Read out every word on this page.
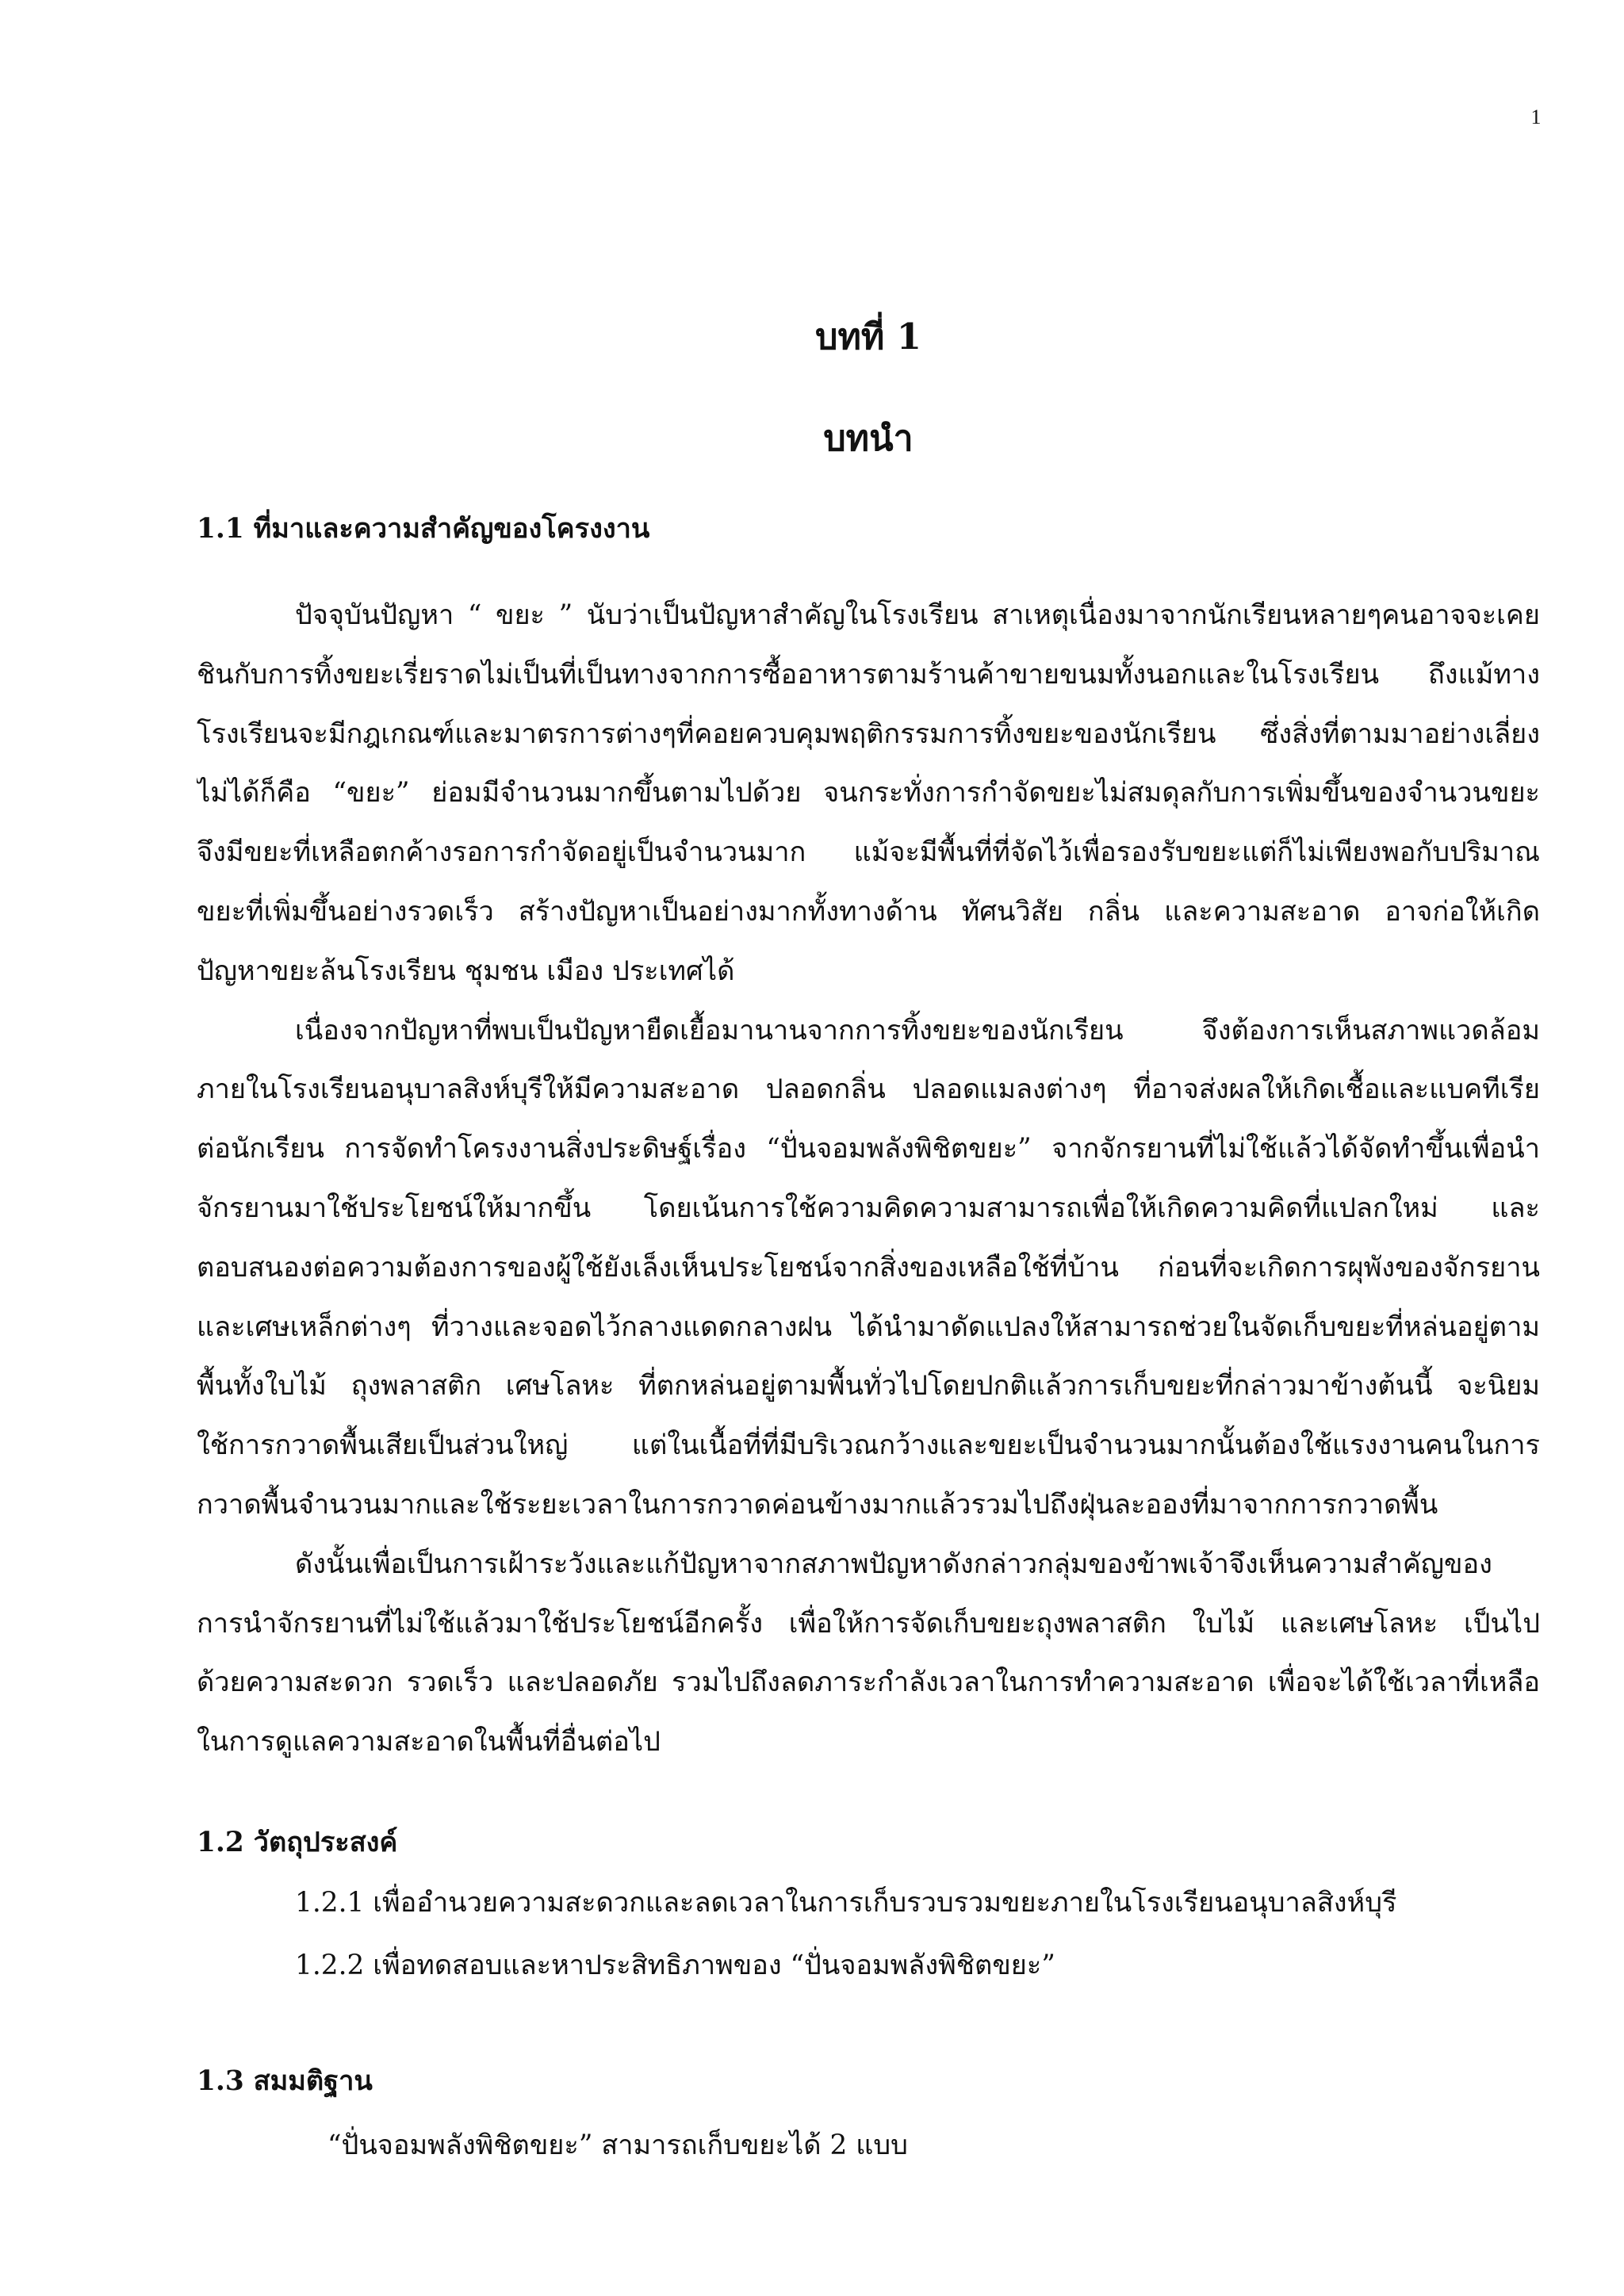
1
บทที่ 1
บทนำ
1.1 ที่มาและความสำคัญของโครงงาน
ปัจจุบันปัญหา “ ขยะ ” นับว่าเป็นปัญหาสำคัญในโรงเรียน สาเหตุเนื่องมาจากนักเรียนหลายๆคนอาจจะเคย
ชินกับการทิ้งขยะเรี่ยราดไม่เป็นที่เป็นทางจากการซื้ออาหารตามร้านค้าขายขนมทั้งนอกและในโรงเรียน ถึงแม้ทาง
โรงเรียนจะมีกฎเกณฑ์และมาตรการต่างๆที่คอยควบคุมพฤติกรรมการทิ้งขยะของนักเรียน ซึ่งสิ่งที่ตามมาอย่างเลี่ยง
ไม่ได้ก็คือ “ขยะ” ย่อมมีจำนวนมากขึ้นตามไปด้วย จนกระทั่งการกำจัดขยะไม่สมดุลกับการเพิ่มขึ้นของจำนวนขยะ
จึงมีขยะที่เหลือตกค้างรอการกำจัดอยู่เป็นจำนวนมาก แม้จะมีพื้นที่ที่จัดไว้เพื่อรองรับขยะแต่ก็ไม่เพียงพอกับปริมาณ
ขยะที่เพิ่มขึ้นอย่างรวดเร็ว สร้างปัญหาเป็นอย่างมากทั้งทางด้าน ทัศนวิสัย กลิ่น และความสะอาด อาจก่อให้เกิด
ปัญหาขยะล้นโรงเรียน ชุมชน เมือง ประเทศได้
เนื่องจากปัญหาที่พบเป็นปัญหายืดเยื้อมานานจากการทิ้งขยะของนักเรียน จึงต้องการเห็นสภาพแวดล้อม
ภายในโรงเรียนอนุบาลสิงห์บุรีให้มีความสะอาด ปลอดกลิ่น ปลอดแมลงต่างๆ ที่อาจส่งผลให้เกิดเชื้อและแบคทีเรีย
ต่อนักเรียน การจัดทำโครงงานสิ่งประดิษฐ์เรื่อง “ปั่นจอมพลังพิชิตขยะ” จากจักรยานที่ไม่ใช้แล้วได้จัดทำขึ้นเพื่อนำ
จักรยานมาใช้ประโยชน์ให้มากขึ้น โดยเน้นการใช้ความคิดความสามารถเพื่อให้เกิดความคิดที่แปลกใหม่ และ
ตอบสนองต่อความต้องการของผู้ใช้ยังเล็งเห็นประโยชน์จากสิ่งของเหลือใช้ที่บ้าน ก่อนที่จะเกิดการผุพังของจักรยาน
และเศษเหล็กต่างๆ ที่วางและจอดไว้กลางแดดกลางฝน ได้นำมาดัดแปลงให้สามารถช่วยในจัดเก็บขยะที่หล่นอยู่ตาม
พื้นทั้งใบไม้ ถุงพลาสติก เศษโลหะ ที่ตกหล่นอยู่ตามพื้นทั่วไปโดยปกติแล้วการเก็บขยะที่กล่าวมาข้างต้นนี้ จะนิยม
ใช้การกวาดพื้นเสียเป็นส่วนใหญ่ แต่ในเนื้อที่ที่มีบริเวณกว้างและขยะเป็นจำนวนมากนั้นต้องใช้แรงงานคนในการ
กวาดพื้นจำนวนมากและใช้ระยะเวลาในการกวาดค่อนข้างมากแล้วรวมไปถึงฝุ่นละอองที่มาจากการกวาดพื้น
ดังนั้นเพื่อเป็นการเฝ้าระวังและแก้ปัญหาจากสภาพปัญหาดังกล่าวกลุ่มของข้าพเจ้าจึงเห็นความสำคัญของ
การนำจักรยานที่ไม่ใช้แล้วมาใช้ประโยชน์อีกครั้ง เพื่อให้การจัดเก็บขยะถุงพลาสติก ใบไม้ และเศษโลหะ เป็นไป
ด้วยความสะดวก รวดเร็ว และปลอดภัย รวมไปถึงลดภาระกำลังเวลาในการทำความสะอาด เพื่อจะได้ใช้เวลาที่เหลือ
ในการดูแลความสะอาดในพื้นที่อื่นต่อไป
1.2 วัตถุประสงค์
1.2.1 เพื่ออำนวยความสะดวกและลดเวลาในการเก็บรวบรวมขยะภายในโรงเรียนอนุบาลสิงห์บุรี
1.2.2 เพื่อทดสอบและหาประสิทธิภาพของ “ปั่นจอมพลังพิชิตขยะ”
1.3 สมมติฐาน
“ปั่นจอมพลังพิชิตขยะ” สามารถเก็บขยะได้ 2 แบบ
